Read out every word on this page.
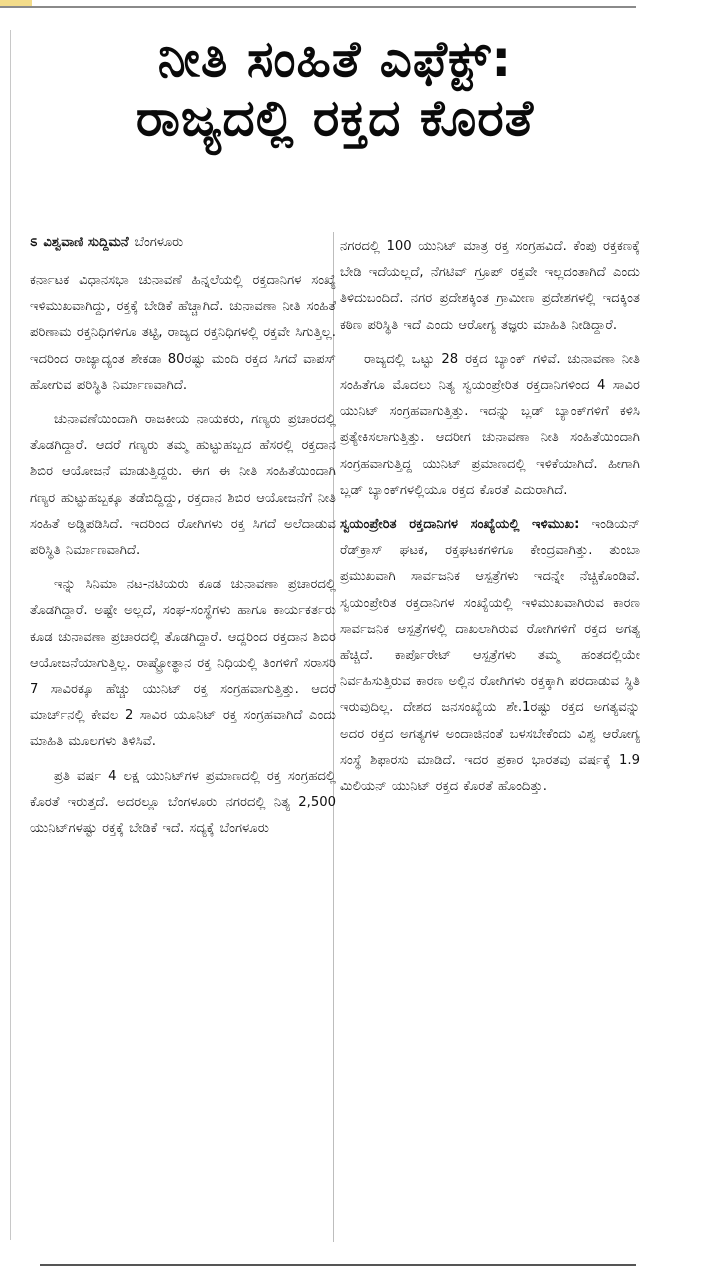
ನೀತಿ ಸಂಹಿತೆ ಎಫೆಕ್ಟ್:
ರಾಜ್ಯದಲ್ಲಿ ರಕ್ತದ ಕೊರತೆ
ಽ ವಿಶ್ವವಾಣಿ ಸುದ್ದಿಮನೆ ಬೆಂಗಳೂರು

ಕರ್ನಾಟಕ ವಿಧಾನಸಭಾ ಚುನಾವಣೆ ಹಿನ್ನಲೆಯಲ್ಲಿ ರಕ್ತದಾನಿಗಳ ಸಂಖ್ಯೆ ಇಳಿಮುಖವಾಗಿದ್ದು, ರಕ್ತಕ್ಕೆ ಬೇಡಿಕೆ ಹೆಚ್ಚಾಗಿದೆ. ಚುನಾವಣಾ ನೀತಿ ಸಂಹಿತೆ ಪರಿಣಾಮ ರಕ್ತನಿಧಿಗಳಿಗೂ ತಟ್ಟಿ, ರಾಜ್ಯದ ರಕ್ತನಿಧಿಗಳಲ್ಲಿ ರಕ್ತವೇ ಸಿಗುತ್ತಿಲ್ಲ. ಇದರಿಂದ ರಾಜ್ಯಾದ್ಯಂತ ಶೇಕಡಾ 80ರಷ್ಟು ಮಂದಿ ರಕ್ತದ ಸಿಗದೆ ವಾಪಸ್ ಹೋಗುವ ಪರಿಸ್ಥಿತಿ ನಿರ್ಮಾಣವಾಗಿದೆ.

ಚುನಾವಣೆಯಿಂದಾಗಿ ರಾಜಕೀಯ ನಾಯಕರು, ಗಣ್ಯರು ಪ್ರಚಾರದಲ್ಲಿ ತೊಡಗಿದ್ದಾರೆ. ಆದರೆ ಗಣ್ಯರು ತಮ್ಮ ಹುಟ್ಟುಹಬ್ಬದ ಹೆಸರಲ್ಲಿ ರಕ್ತದಾನ ಶಿಬಿರ ಆಯೋಜನೆ ಮಾಡುತ್ತಿದ್ದರು. ಈಗ ಈ ನೀತಿ ಸಂಹಿತೆಯಿಂದಾಗಿ ಗಣ್ಯರ ಹುಟ್ಟುಹಬ್ಬಕ್ಕೂ ತಡೆಬಿದ್ದಿದ್ದು, ರಕ್ತದಾನ ಶಿಬಿರ ಆಯೋಜನೆಗೆ ನೀತಿ ಸಂಹಿತೆ ಅಡ್ಡಿಪಡಿಸಿದೆ. ಇದರಿಂದ ರೋಗಿಗಳು ರಕ್ತ ಸಿಗದೆ ಅಲೆದಾಡುವ ಪರಿಸ್ಥಿತಿ ನಿರ್ಮಾಣವಾಗಿದೆ.

ಇನ್ನು ಸಿನಿಮಾ ನಟ-ನಟಿಯರು ಕೂಡ ಚುನಾವಣಾ ಪ್ರಚಾರದಲ್ಲಿ ತೊಡಗಿದ್ದಾರೆ. ಅಷ್ಟೇ ಅಲ್ಲದೆ, ಸಂಘ-ಸಂಸ್ಥೆಗಳು ಹಾಗೂ ಕಾರ್ಯಕರ್ತರು ಕೂಡ ಚುನಾವಣಾ ಪ್ರಚಾರದಲ್ಲಿ ತೊಡಗಿದ್ದಾರೆ. ಆದ್ದರಿಂದ ರಕ್ತದಾನ ಶಿಬಿರ ಆಯೋಜನೆಯಾಗುತ್ತಿಲ್ಲ. ರಾಷ್ಟ್ರೋತ್ಥಾನ ರಕ್ತ ನಿಧಿಯಲ್ಲಿ ತಿಂಗಳಿಗೆ ಸರಾಸರಿ 7 ಸಾವಿರಕ್ಕೂ ಹೆಚ್ಚು ಯುನಿಟ್ ರಕ್ತ ಸಂಗ್ರಹವಾಗುತ್ತಿತ್ತು. ಆದರೆ ಮಾರ್ಚ್‌ನಲ್ಲಿ ಕೇವಲ 2 ಸಾವಿರ ಯೂನಿಟ್ ರಕ್ತ ಸಂಗ್ರಹವಾಗಿದೆ ಎಂದು ಮಾಹಿತಿ ಮೂಲಗಳು ತಿಳಿಸಿವೆ.

ಪ್ರತಿ ವರ್ಷ 4 ಲಕ್ಷ ಯುನಿಟ್‌ಗಳ ಪ್ರಮಾಣದಲ್ಲಿ ರಕ್ತ ಸಂಗ್ರಹದಲ್ಲಿ ಕೊರತೆ ಇರುತ್ತದೆ. ಅದರಲ್ಲೂ ಬೆಂಗಳೂರು ನಗರದಲ್ಲಿ ನಿತ್ಯ 2,500 ಯುನಿಟ್‌ಗಳಷ್ಟು ರಕ್ತಕ್ಕೆ ಬೇಡಿಕೆ ಇದೆ. ಸದ್ಯಕ್ಕೆ ಬೆಂಗಳೂರು

ನಗರದಲ್ಲಿ 100 ಯುನಿಟ್ ಮಾತ್ರ ರಕ್ತ ಸಂಗ್ರಹವಿದೆ. ಕೆಂಪು ರಕ್ತಕಣಕ್ಕೆ ಬೇಡಿ ಇದೆಯಲ್ಲದೆ, ನೆಗಟಿವ್ ಗ್ರೂಪ್ ರಕ್ತವೇ ಇಲ್ಲದಂತಾಗಿದೆ ಎಂದು ತಿಳಿದುಬಂದಿದೆ. ನಗರ ಪ್ರದೇಶಕ್ಕಿಂತ ಗ್ರಾಮೀಣ ಪ್ರದೇಶಗಳಲ್ಲಿ ಇದಕ್ಕಿಂತ ಕಠಿಣ ಪರಿಸ್ಥಿತಿ ಇದೆ ಎಂದು ಆರೋಗ್ಯ ತಜ್ಞರು ಮಾಹಿತಿ ನೀಡಿದ್ದಾರೆ.

ರಾಜ್ಯದಲ್ಲಿ ಒಟ್ಟು 28 ರಕ್ತದ ಬ್ಯಾಂಕ್ ಗಳಿವೆ. ಚುನಾವಣಾ ನೀತಿ ಸಂಹಿತೆಗೂ ಮೊದಲು ನಿತ್ಯ ಸ್ವಯಂಪ್ರೇರಿತ ರಕ್ತದಾನಿಗಳಿಂದ 4 ಸಾವಿರ ಯುನಿಟ್ ಸಂಗ್ರಹವಾಗುತ್ತಿತ್ತು. ಇದನ್ನು ಬ್ಲಡ್ ಬ್ಯಾಂಕ್‌ಗಳಿಗೆ ಕಳಿಸಿ ಪ್ರತ್ಯೇಕಿಸಲಾಗುತ್ತಿತ್ತು. ಆದರೀಗ ಚುನಾವಣಾ ನೀತಿ ಸಂಹಿತೆಯಿಂದಾಗಿ ಸಂಗ್ರಹವಾಗುತ್ತಿದ್ದ ಯುನಿಟ್ ಪ್ರಮಾಣದಲ್ಲಿ ಇಳಿಕೆಯಾಗಿದೆ. ಹೀಗಾಗಿ ಬ್ಲಡ್ ಬ್ಯಾಂಕ್‌ಗಳಲ್ಲಿಯೂ ರಕ್ತದ ಕೊರತೆ ಎದುರಾಗಿದೆ.

ಸ್ವಯಂಪ್ರೇರಿತ ರಕ್ತದಾನಿಗಳ ಸಂಖ್ಯೆಯಲ್ಲಿ ಇಳಿಮುಖ: ಇಂಡಿಯನ್ ರೆಡ್‌ಕ್ರಾಸ್ ಘಟಕ, ರಕ್ತಘಟಕಗಳಿಗೂ ಕೇಂದ್ರವಾಗಿತ್ತು. ತುಂಬಾ ಪ್ರಮುಖವಾಗಿ ಸಾರ್ವಜನಿಕ ಆಸ್ಪತ್ರೆಗಳು ಇದನ್ನೇ ನೆಚ್ಚಿಕೊಂಡಿವೆ. ಸ್ವಯಂಪ್ರೇರಿತ ರಕ್ತದಾನಿಗಳ ಸಂಖ್ಯೆಯಲ್ಲಿ ಇಳಿಮುಖವಾಗಿರುವ ಕಾರಣ ಸಾರ್ವಜನಿಕ ಆಸ್ಪತ್ರೆಗಳಲ್ಲಿ ದಾಖಲಾಗಿರುವ ರೋಗಿಗಳಿಗೆ ರಕ್ತದ ಅಗತ್ಯ ಹೆಚ್ಚಿದೆ. ಕಾರ್ಪೊರೇಟ್ ಆಸ್ಪತ್ರೆಗಳು ತಮ್ಮ ಹಂತದಲ್ಲಿಯೇ ನಿರ್ವಹಿಸುತ್ತಿರುವ ಕಾರಣ ಅಲ್ಲಿನ ರೋಗಿಗಳು ರಕ್ತಕ್ಕಾಗಿ ಪರದಾಡುವ ಸ್ಥಿತಿ ಇರುವುದಿಲ್ಲ. ದೇಶದ ಜನಸಂಖ್ಯೆಯ ಶೇ.1ರಷ್ಟು ರಕ್ತದ ಅಗತ್ಯವನ್ನು ಅದರ ರಕ್ತದ ಅಗತ್ಯಗಳ ಅಂದಾಜಿನಂತೆ ಬಳಸಬೇಕೆಂದು ವಿಶ್ವ ಆರೋಗ್ಯ ಸಂಸ್ಥೆ ಶಿಫಾರಸು ಮಾಡಿದೆ. ಇದರ ಪ್ರಕಾರ ಭಾರತವು ವರ್ಷಕ್ಕೆ 1.9 ಮಿಲಿಯನ್ ಯುನಿಟ್ ರಕ್ತದ ಕೊರತೆ ಹೊಂದಿತ್ತು.
